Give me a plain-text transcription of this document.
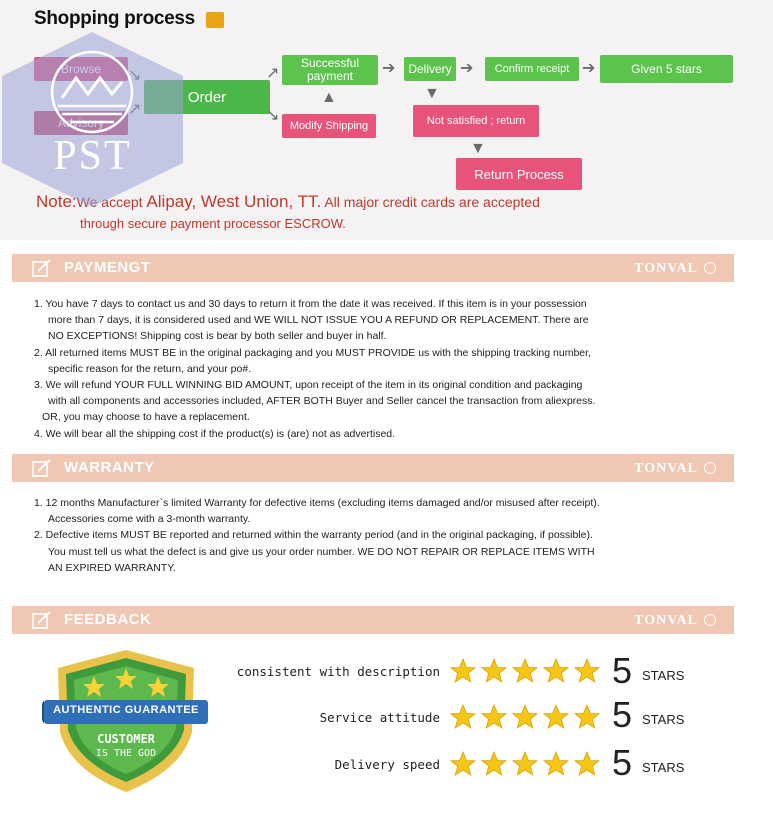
Shopping process
Order
↗
↘
Successful payment
Modify Shipping
▲
➔	Delivery ➔	Confirm receipt ➔	Given 5 stars
▼
Not satisfied ; return
▼
Return Process
Note:We accept Alipay, West Union, TT. All major credit cards are accepted
through secure payment processor ESCROW.
PST
PAYMENGT	TONVAL

1. You have 7 days to contact us and 30 days to return it from the date it was received. If this item is in your possession

more than 7 days, it is considered used and WE WILL NOT ISSUE YOU A REFUND OR REPLACEMENT. There are

NO EXCEPTIONS! Shipping cost is bear by both seller and buyer in half.

2. All returned items MUST BE in the original packaging and you MUST PROVIDE us with the shipping tracking number,

specific reason for the return, and your po#.

3. We will refund YOUR FULL WINNING BID AMOUNT, upon receipt of the item in its original condition and packaging

with all components and accessories included, AFTER BOTH Buyer and Seller cancel the transaction from aliexpress.

OR, you may choose to have a replacement.

4. We will bear all the shipping cost if the product(s) is (are) not as advertised.

WARRANTY	TONVAL

1. 12 months Manufacturer`s limited Warranty for defective items (excluding items damaged and/or misused after receipt).

Accessories come with a 3-month warranty.

2. Defective items MUST BE reported and returned within the warranty period (and in the original packaging, if possible).

You must tell us what the defect is and give us your order number. WE DO NOT REPAIR OR REPLACE ITEMS WITH

AN EXPIRED WARRANTY.

FEEDBACK	TONVAL
AUTHENTIC GUARANTEE
CUSTOMER
IS THE GOD
consistent with description	5 STARS
Service attitude	5 STARS
Delivery speed	5 STARS
